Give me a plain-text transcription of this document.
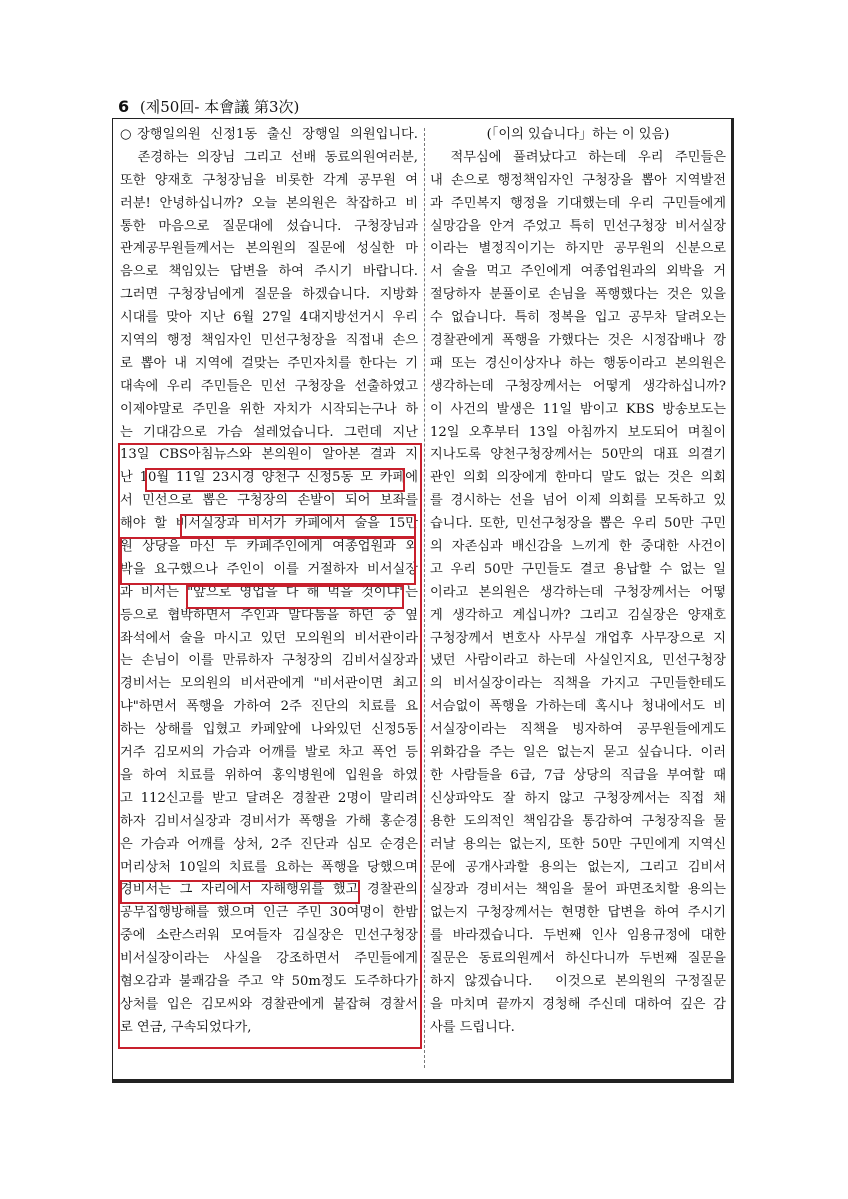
6 (제50回- 本會議 第3次)
○장행일의원 신정1동 출신 장행일 의원입니다.
　존경하는 의장님 그리고 선배 동료의원여러분,
또한 양재호 구청장님을 비롯한 각계 공무원 여
러분! 안녕하십니까? 오늘 본의원은 착잡하고 비
통한 마음으로 질문대에 섰습니다. 구청장님과
관계공무원들께서는 본의원의 질문에 성실한 마
음으로 책임있는 답변을 하여 주시기 바랍니다.
그러면 구청장님에게 질문을 하겠습니다. 지방화
시대를 맞아 지난 6월 27일 4대지방선거시 우리
지역의 행정 책임자인 민선구청장을 직접내 손으
로 뽑아 내 지역에 걸맞는 주민자치를 한다는 기
대속에 우리 주민들은 민선 구청장을 선출하였고
이제야말로 주민을 위한 자치가 시작되는구나 하
는 기대감으로 가슴 설레었습니다. 그런데 지난
13일 CBS아침뉴스와 본의원이 알아본 결과 지
난 10월 11일 23시경 양천구 신정5동 모 카페에
서 민선으로 뽑은 구청장의 손발이 되어 보좌를
해야 할 비서실장과 비서가 카페에서 술을 15만
원 상당을 마신 두 카페주인에게 여종업원과 외
박을 요구했으나 주인이 이를 거절하자 비서실장
과 비서는 "앞으로 영업을 다 해 먹을 것이냐"는
등으로 협박하면서 주인과 말다툼을 하던 중 옆
좌석에서 술을 마시고 있던 모의원의 비서관이라
는 손님이 이를 만류하자 구청장의 김비서실장과
경비서는 모의원의 비서관에게 "비서관이면 최고
냐"하면서 폭행을 가하여 2주 진단의 치료를 요
하는 상해를 입혔고 카페앞에 나와있던 신정5동
거주 김모씨의 가슴과 어깨를 발로 차고 폭언 등
을 하여 치료를 위하여 홍익병원에 입원을 하였
고 112신고를 받고 달려온 경찰관 2명이 말리려
하자 김비서실장과 경비서가 폭행을 가해 홍순경
은 가슴과 어깨를 상처, 2주 진단과 심모 순경은
머리상처 10일의 치료를 요하는 폭행을 당했으며
경비서는 그 자리에서 자해행위를 했고 경찰관의
공무집행방해를 했으며 인근 주민 30여명이 한밤
중에 소란스러워 모여들자 김실장은 민선구청장
비서실장이라는 사실을 강조하면서 주민들에게
혐오감과 불쾌감을 주고 약 50m정도 도주하다가
상처를 입은 김모씨와 경찰관에게 붙잡혀 경찰서
로 연금, 구속되었다가,
(「이의 있습니다」하는 이 있음)
　적무심에 풀려났다고 하는데 우리 주민들은
내 손으로 행정책임자인 구청장을 뽑아 지역발전
과 주민복지 행정을 기대했는데 우리 구민들에게
실망감을 안겨 주었고 특히 민선구청장 비서실장
이라는 별정직이기는 하지만 공무원의 신분으로
서 술을 먹고 주인에게 여종업원과의 외박을 거
절당하자 분풀이로 손님을 폭행했다는 것은 있을
수 없습니다. 특히 정복을 입고 공무차 달려오는
경찰관에게 폭행을 가했다는 것은 시정잡배나 깡
패 또는 경신이상자나 하는 행동이라고 본의원은
생각하는데 구청장께서는 어떻게 생각하십니까?
이 사건의 발생은 11일 밤이고 KBS 방송보도는
12일 오후부터 13일 아침까지 보도되어 며칠이
지나도록 양천구청장께서는 50만의 대표 의결기
관인 의회 의장에게 한마디 말도 없는 것은 의회
를 경시하는 선을 넘어 이제 의회를 모독하고 있
습니다. 또한, 민선구청장을 뽑은 우리 50만 구민
의 자존심과 배신감을 느끼게 한 중대한 사건이
고 우리 50만 구민들도 결코 용납할 수 없는 일
이라고 본의원은 생각하는데 구청장께서는 어떻
게 생각하고 계십니까? 그리고 김실장은 양재호
구청장께서 변호사 사무실 개업후 사무장으로 지
냈던 사람이라고 하는데 사실인지요, 민선구청장
의 비서실장이라는 직책을 가지고 구민들한테도
서슴없이 폭행을 가하는데 혹시나 청내에서도 비
서실장이라는 직책을 빙자하여 공무원들에게도
위화감을 주는 일은 없는지 묻고 싶습니다. 이러
한 사람들을 6급, 7급 상당의 직급을 부여할 때
신상파악도 잘 하지 않고 구청장께서는 직접 채
용한 도의적인 책임감을 통감하여 구청장직을 물
러날 용의는 없는지, 또한 50만 구민에게 지역신
문에 공개사과할 용의는 없는지, 그리고 김비서
실장과 경비서는 책임을 물어 파면조치할 용의는
없는지 구청장께서는 현명한 답변을 하여 주시기
를 바라겠습니다. 두번째 인사 임용규정에 대한
질문은 동료의원께서 하신다니까 두번째 질문을
하지 않겠습니다.　이것으로 본의원의 구정질문
을 마치며 끝까지 경청해 주신데 대하여 깊은 감
사를 드립니다.
